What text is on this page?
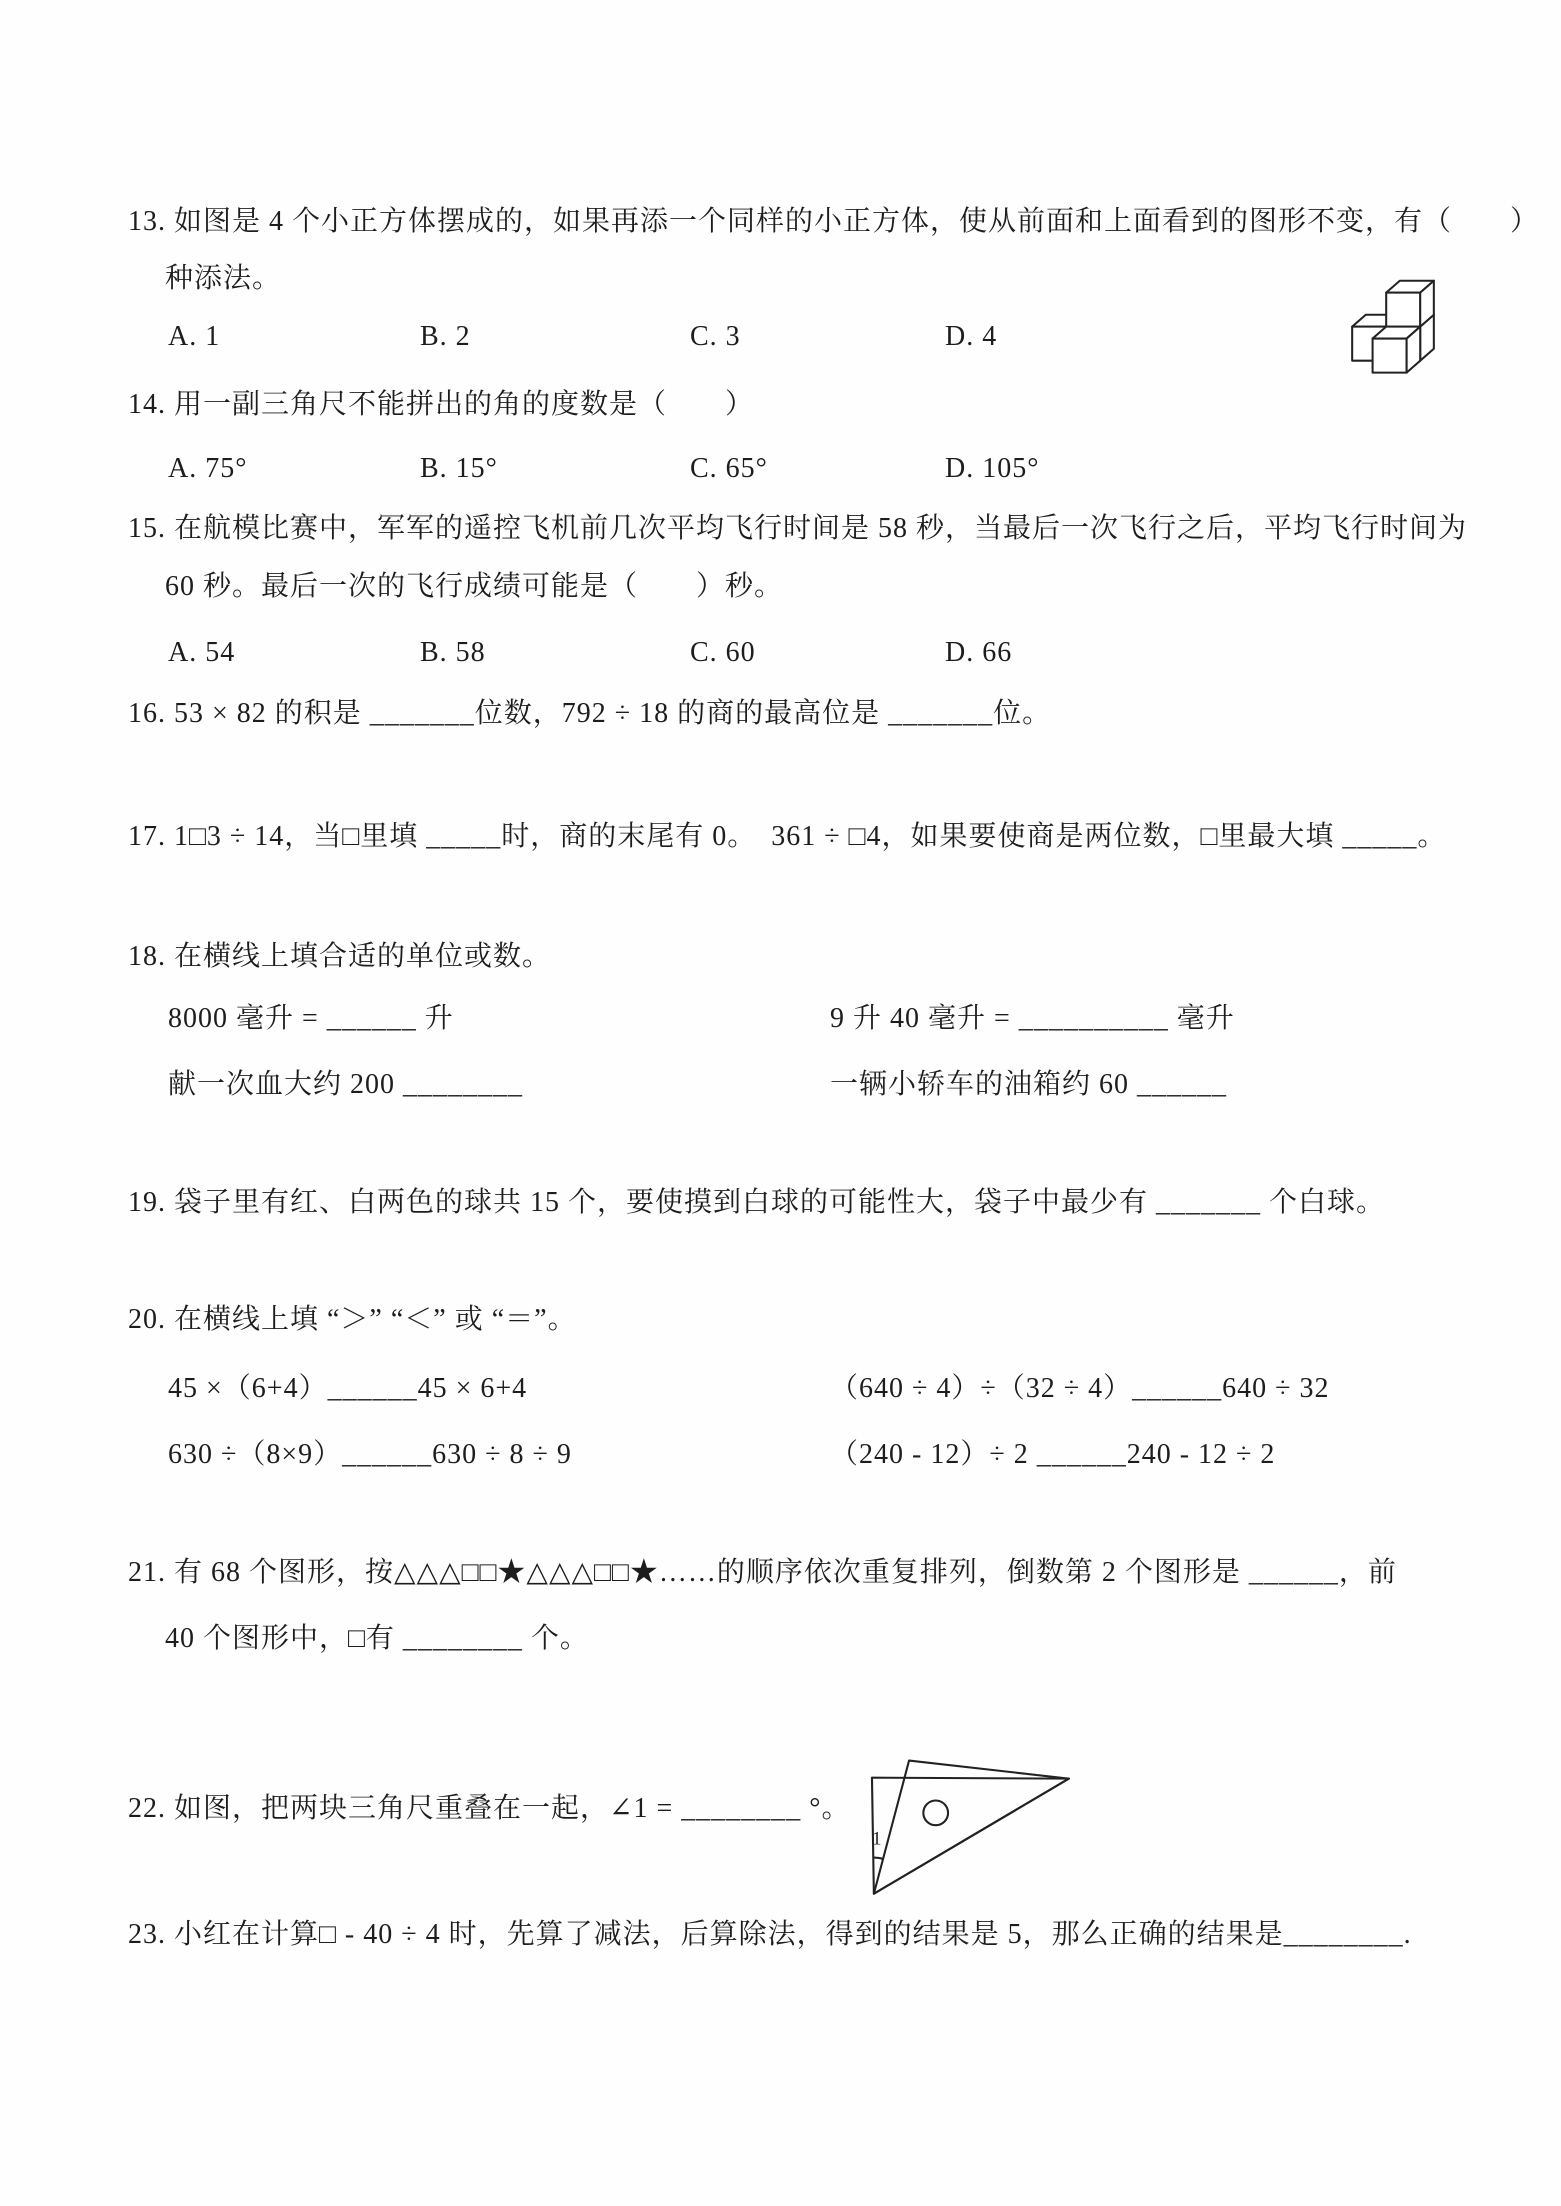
13. 如图是 4 个小正方体摆成的，如果再添一个同样的小正方体，使从前面和上面看到的图形不变，有（　　）
种添法。
A. 1	B. 2	C. 3	D. 4
14. 用一副三角尺不能拼出的角的度数是（　　）
A. 75°	B. 15°	C. 65°	D. 105°
15. 在航模比赛中，军军的遥控飞机前几次平均飞行时间是 58 秒，当最后一次飞行之后，平均飞行时间为
60 秒。最后一次的飞行成绩可能是（　　）秒。
A. 54	B. 58	C. 60	D. 66
16. 53 × 82 的积是 _______位数，792 ÷ 18 的商的最高位是 _______位。
17. 1□3 ÷ 14，当□里填 _____时，商的末尾有 0。　361 ÷ □4，如果要使商是两位数，□里最大填 _____。
18. 在横线上填合适的单位或数。
8000 毫升 = ______ 升	9 升 40 毫升 = __________ 毫升
献一次血大约 200 ________	一辆小轿车的油箱约 60 ______
19. 袋子里有红、白两色的球共 15 个，要使摸到白球的可能性大，袋子中最少有 _______ 个白球。
20. 在横线上填 “＞” “＜” 或 “＝”。
45 ×（6+4）______45 × 6+4	（640 ÷ 4）÷（32 ÷ 4）______640 ÷ 32
630 ÷（8×9）______630 ÷ 8 ÷ 9	（240 - 12）÷ 2 ______240 - 12 ÷ 2
21. 有 68 个图形，按△△△□□★△△△□□★……的顺序依次重复排列，倒数第 2 个图形是 ______，前
40 个图形中，□有 ________ 个。
22. 如图，把两块三角尺重叠在一起，∠1 = ________ °。
1
23. 小红在计算□ - 40 ÷ 4 时，先算了减法，后算除法，得到的结果是 5，那么正确的结果是________.
